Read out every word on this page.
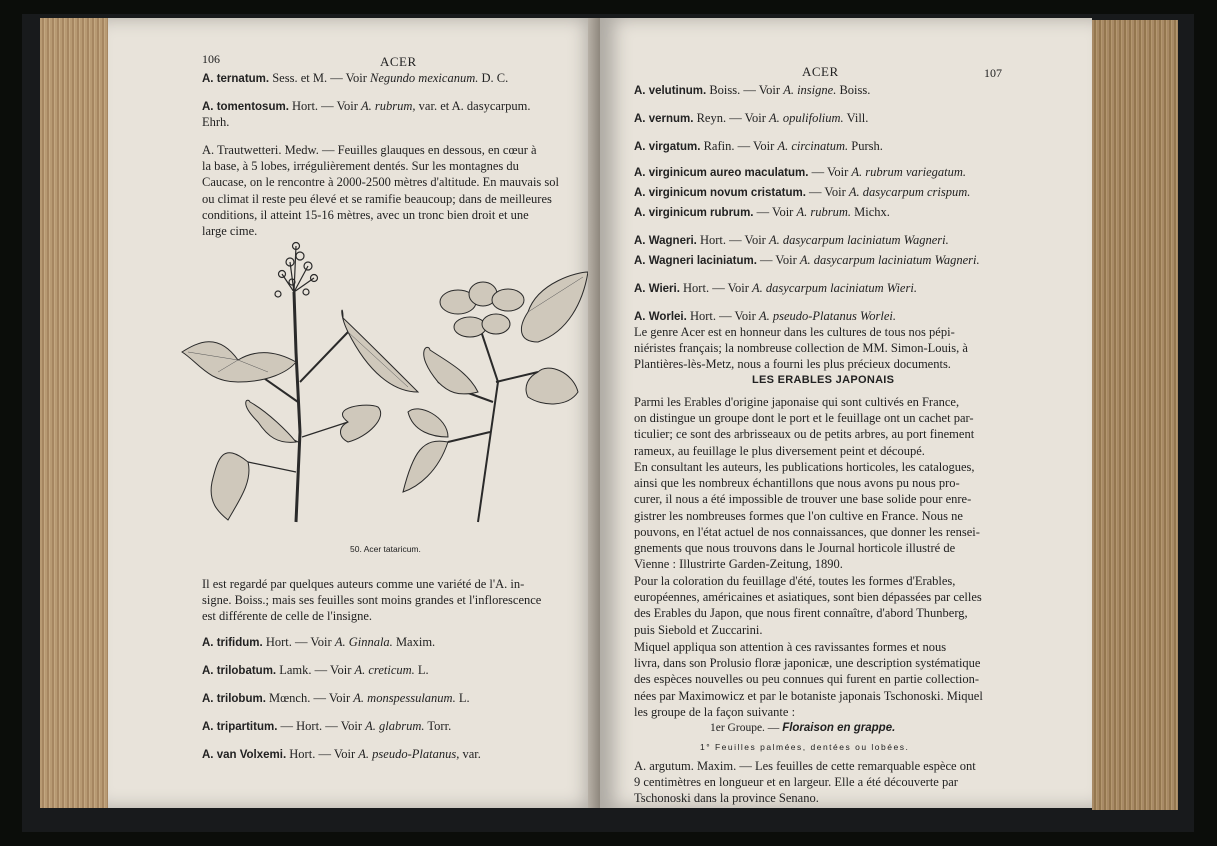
106	ACER
A. ternatum. Sess. et M. — Voir Negundo mexicanum. D. C.
A. tomentosum. Hort. — Voir A. rubrum, var. et A. dasycarpum.
Ehrh.
A. Trautwetteri. Medw. — Feuilles glauques en dessous, en cœur à
la base, à 5 lobes, irrégulièrement dentés. Sur les montagnes du
Caucase, on le rencontre à 2000-2500 mètres d'altitude. En mauvais sol
ou climat il reste peu élevé et se ramifie beaucoup; dans de meilleures
conditions, il atteint 15-16 mètres, avec un tronc bien droit et une
large cime.
50. Acer tataricum.
Il est regardé par quelques auteurs comme une variété de l'A. in-
signe. Boiss.; mais ses feuilles sont moins grandes et l'inflorescence
est différente de celle de l'insigne.
A. trifidum. Hort. — Voir A. Ginnala. Maxim.
A. trilobatum. Lamk. — Voir A. creticum. L.
A. trilobum. Mœnch. — Voir A. monspessulanum. L.
A. tripartitum. — Hort. — Voir A. glabrum. Torr.
A. van Volxemi. Hort. — Voir A. pseudo-Platanus, var.
ACER	107
A. velutinum. Boiss. — Voir A. insigne. Boiss.
A. vernum. Reyn. — Voir A. opulifolium. Vill.
A. virgatum. Rafin. — Voir A. circinatum. Pursh.
A. virginicum aureo maculatum. — Voir A. rubrum variegatum.
A. virginicum novum cristatum. — Voir A. dasycarpum crispum.
A. virginicum rubrum. — Voir A. rubrum. Michx.
A. Wagneri. Hort. — Voir A. dasycarpum laciniatum Wagneri.
A. Wagneri laciniatum. — Voir A. dasycarpum laciniatum Wagneri.
A. Wieri. Hort. — Voir A. dasycarpum laciniatum Wieri.
A. Worlei. Hort. — Voir A. pseudo-Platanus Worlei.
Le genre Acer est en honneur dans les cultures de tous nos pépi-
niéristes français; la nombreuse collection de MM. Simon-Louis, à
Plantières-lès-Metz, nous a fourni les plus précieux documents.
LES ERABLES JAPONAIS
Parmi les Erables d'origine japonaise qui sont cultivés en France,
on distingue un groupe dont le port et le feuillage ont un cachet par-
ticulier; ce sont des arbrisseaux ou de petits arbres, au port finement
rameux, au feuillage le plus diversement peint et découpé.
En consultant les auteurs, les publications horticoles, les catalogues,
ainsi que les nombreux échantillons que nous avons pu nous pro-
curer, il nous a été impossible de trouver une base solide pour enre-
gistrer les nombreuses formes que l'on cultive en France. Nous ne
pouvons, en l'état actuel de nos connaissances, que donner les rensei-
gnements que nous trouvons dans le Journal horticole illustré de
Vienne : Illustrirte Garden-Zeitung, 1890.
Pour la coloration du feuillage d'été, toutes les formes d'Erables,
européennes, américaines et asiatiques, sont bien dépassées par celles
des Erables du Japon, que nous firent connaître, d'abord Thunberg,
puis Siebold et Zuccarini.
Miquel appliqua son attention à ces ravissantes formes et nous
livra, dans son Prolusio floræ japonicæ, une description systématique
des espèces nouvelles ou peu connues qui furent en partie collection-
nées par Maximowicz et par le botaniste japonais Tschonoski. Miquel
les groupe de la façon suivante :
1er Groupe. — Floraison en grappe.
1° Feuilles palmées, dentées ou lobées.
A. argutum. Maxim. — Les feuilles de cette remarquable espèce ont
9 centimètres en longueur et en largeur. Elle a été découverte par
Tschonoski dans la province Senano.
